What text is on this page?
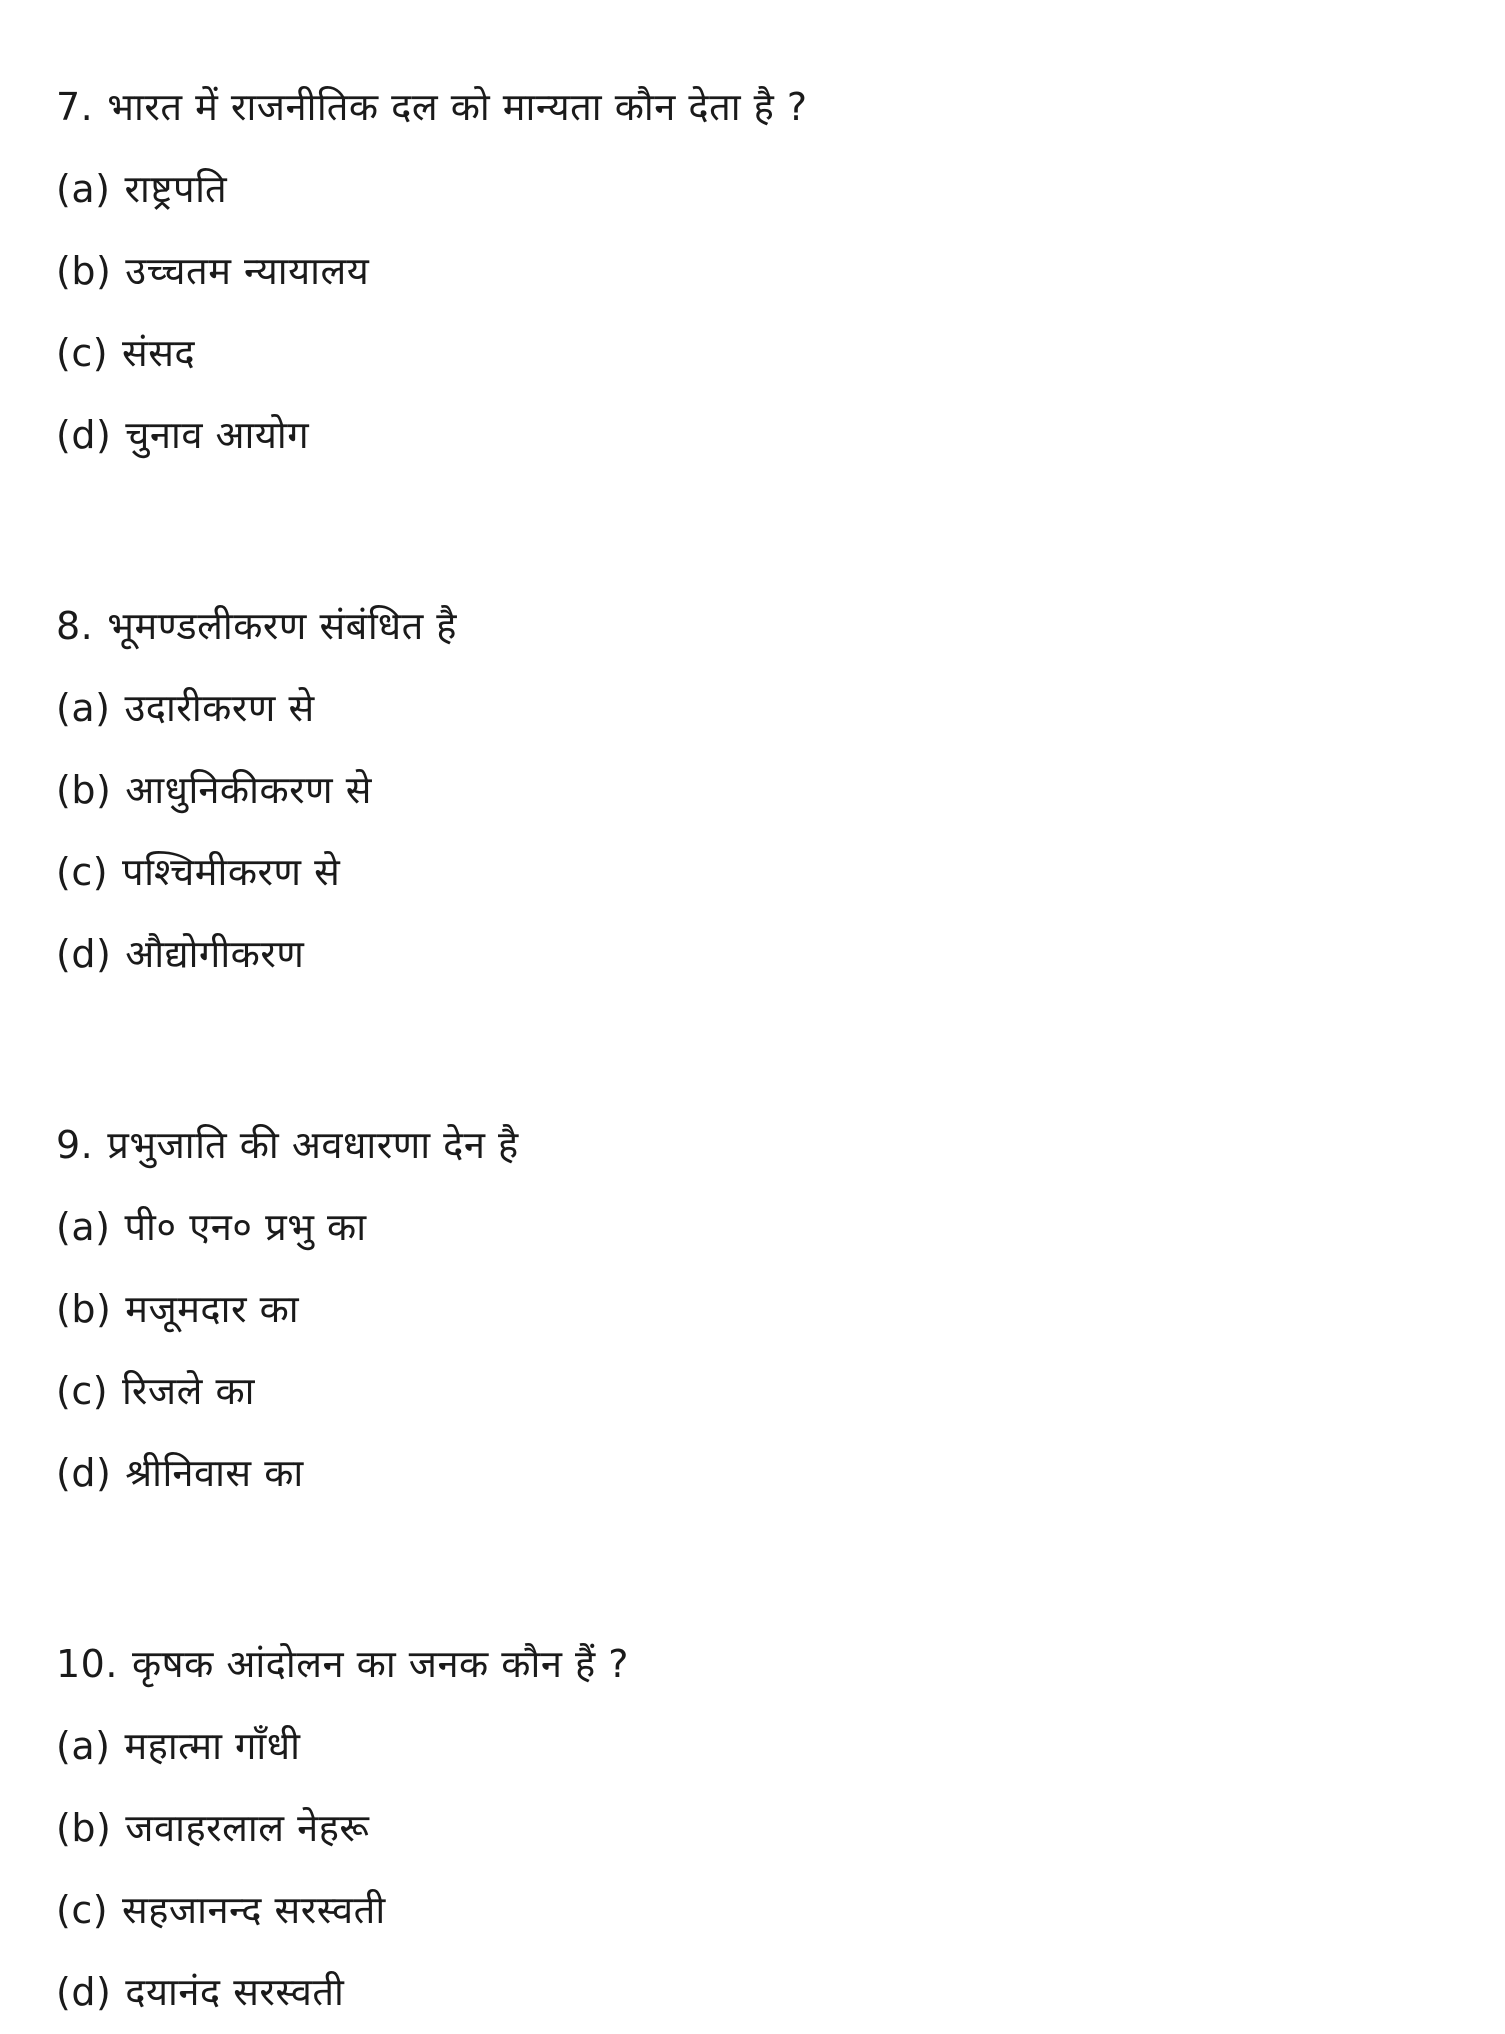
7. भारत में राजनीतिक दल को मान्यता कौन देता है ?
(a) राष्ट्रपति
(b) उच्चतम न्यायालय
(c) संसद
(d) चुनाव आयोग
8. भूमण्डलीकरण संबंधित है
(a) उदारीकरण से
(b) आधुनिकीकरण से
(c) पश्चिमीकरण से
(d) औद्योगीकरण
9. प्रभुजाति की अवधारणा देन है
(a) पी० एन० प्रभु का
(b) मजूमदार का
(c) रिजले का
(d) श्रीनिवास का
10. कृषक आंदोलन का जनक कौन हैं ?
(a) महात्मा गाँधी
(b) जवाहरलाल नेहरू
(c) सहजानन्द सरस्वती
(d) दयानंद सरस्वती
